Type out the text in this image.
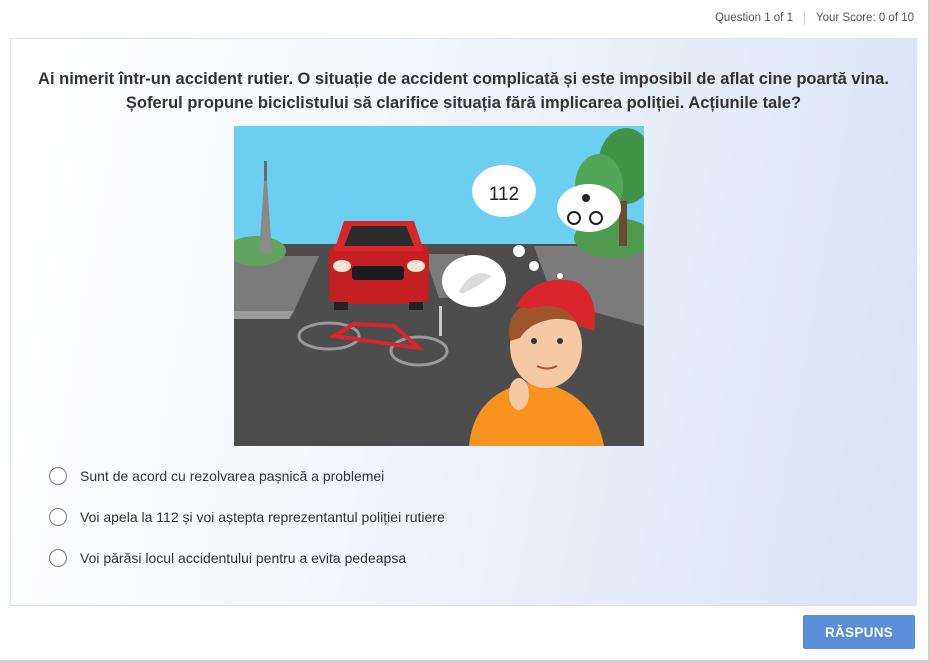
Question 1 of 1 Your Score: 0 of 10
Ai nimerit într-un accident rutier. O situație de accident complicată și este imposibil de aflat cine poartă vina. Șoferul propune biciclistului să clarifice situația fără implicarea poliției. Acțiunile tale?
112
Sunt de acord cu rezolvarea pașnică a problemei
Voi apela la 112 și voi aștepta reprezentantul poliției rutiere
Voi părăsi locul accidentului pentru a evita pedeapsa
RĂSPUNS
